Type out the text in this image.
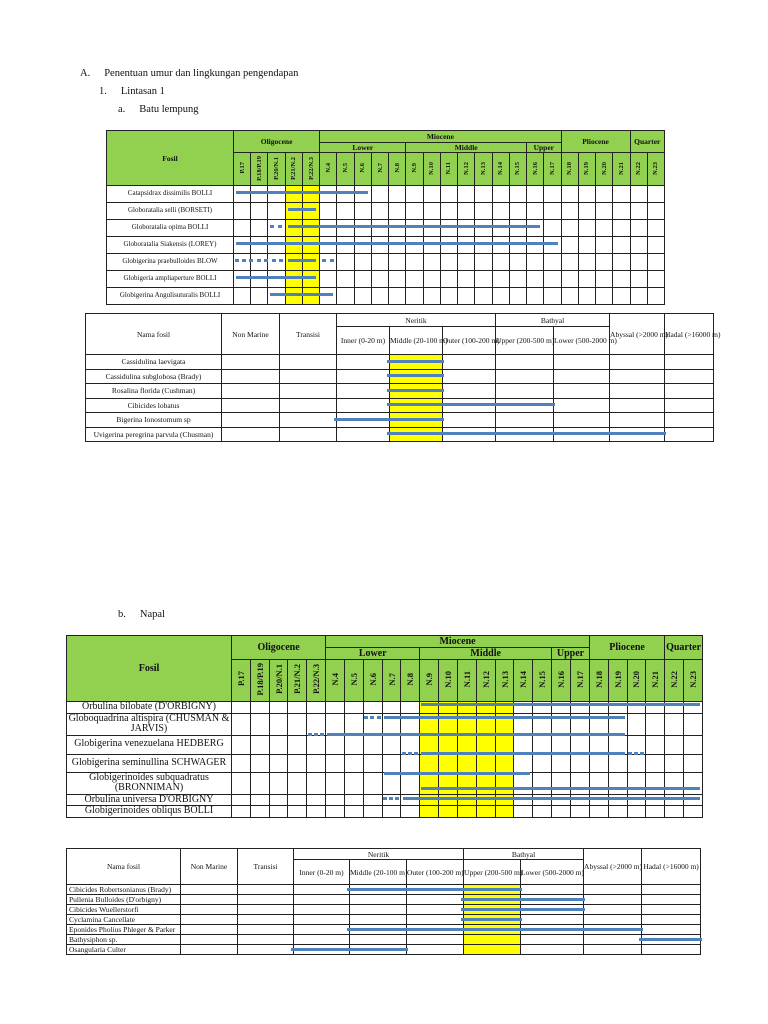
A. Penentuan umur dan lingkungan pengendapan
1. Lintasan 1
a. Batu lempung
b. Napal
Fosil	Oligocene					Miocene														Pliocene				Quarter	
						Lower					Middle							Upper							
	P.17	P.18/P.19	P.20/N.1	P.21/N.2	P.22/N.3	N.4	N.5	N.6	N.7	N.8	N.9	N.10	N.11	N.12	N.13	N.14	N.15	N.16	N.17	N.18	N.19	N.20	N.21	N.22	N.23
Catapsidrax dissimilis BOLLI																									
Globoratalia selli (BORSETI)																									
Globoratalia opima BOLLI																									
Globoratalia Siakensis (LOREY)																									
Globigerina praebulloides BLOW																									
Globigeria ampliaperture BOLLI																									
Globigerina Angulisuturalis BOLLI																									
Nama fosil	Non Marine	Transisi	Neritik			Bathyal		Abyssal (>2000 m)	Hadal (>16000 m)
			Inner (0-20 m)	Middle (20-100 m)	Outer (100-200 m)	Upper (200-500 m)	Lower (500-2000 m)		
Cassidulina laevigata									
Cassidulina subglobosa (Brady)									
Rosalina florida (Cushman)									
Cibicides lobatus									
Bigerina Ionostomum sp									
Uvigerina peregrina parvula (Chusman)									
Fosil	Oligocene					Miocene														Pliocene				Quarter	
						Lower					Middle							Upper							
	P.17	P.18/P.19	P.20/N.1	P.21/N.2	P.22/N.3	N.4	N.5	N.6	N.7	N.8	N.9	N.10	N.11	N.12	N.13	N.14	N.15	N.16	N.17	N.18	N.19	N.20	N.21	N.22	N.23
Orbulina bilobate (D'ORBIGNY)																									
Globoquadrina altispira (CHUSMAN & JARVIS)																									
Globigerina venezuelana HEDBERG																									
Globigerina seminullina SCHWAGER																									
Globigerinoides subquadratus (BRONNIMAN)																									
Orbulina universa D'ORBIGNY																									
Globigerinoides obliqus BOLLI																									
Nama fosil	Non Marine	Transisi	Neritik			Bathyal		Abyssal (>2000 m)	Hadal (>16000 m)
			Inner (0-20 m)	Middle (20-100 m)	Outer (100-200 m)	Upper (200-500 m)	Lower (500-2000 m)		
Cibicides Robertsonianus (Brady)									
Pullenia Bulloides (D'orbigny)									
Cibicides Wuellerstorfi									
Cyclamina Cancellate									
Eponides Pholius Phleger & Parker									
Bathysiphon sp.									
Osangularia Culter									
